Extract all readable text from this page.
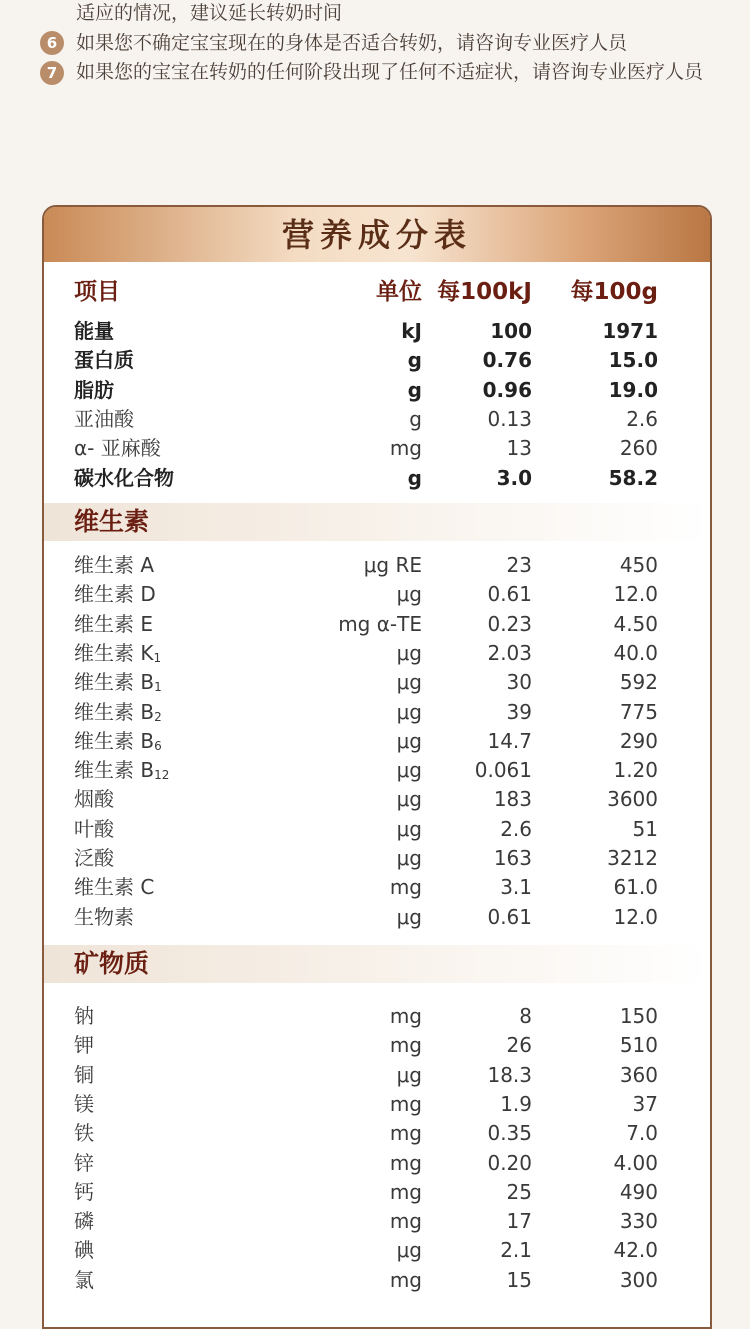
适应的情况，建议延长转奶时间
6 如果您不确定宝宝现在的身体是否适合转奶，请咨询专业医疗人员
7 如果您的宝宝在转奶的任何阶段出现了任何不适症状，请咨询专业医疗人员
营养成分表
项目	单位 每100kJ 每100g
能量	kJ	100	1971
蛋白质	g	0.76	15.0
脂肪	g	0.96	19.0
亚油酸	g	0.13	2.6
α- 亚麻酸	mg	13	260
碳水化合物	g	3.0	58.2
维生素
维生素 A	μg RE	23	450
维生素 D	μg	0.61	12.0
维生素 E	mg α-TE	0.23	4.50
维生素 $K_1$	μg	2.03	40.0
维生素 $B_1$	μg	30	592
维生素 $B_2$	μg	39	775
维生素 $B_6$	μg	14.7	290
维生素 $B_{12}$	μg	0.061	1.20
烟酸	μg	183	3600
叶酸	μg	2.6	51
泛酸	μg	163	3212
维生素 C	mg	3.1	61.0
生物素	μg	0.61	12.0
矿物质
钠	mg	8	150
钾	mg	26	510
铜	μg	18.3	360
镁	mg	1.9	37
铁	mg	0.35	7.0
锌	mg	0.20	4.00
钙	mg	25	490
磷	mg	17	330
碘	μg	2.1	42.0
氯	mg	15	300
